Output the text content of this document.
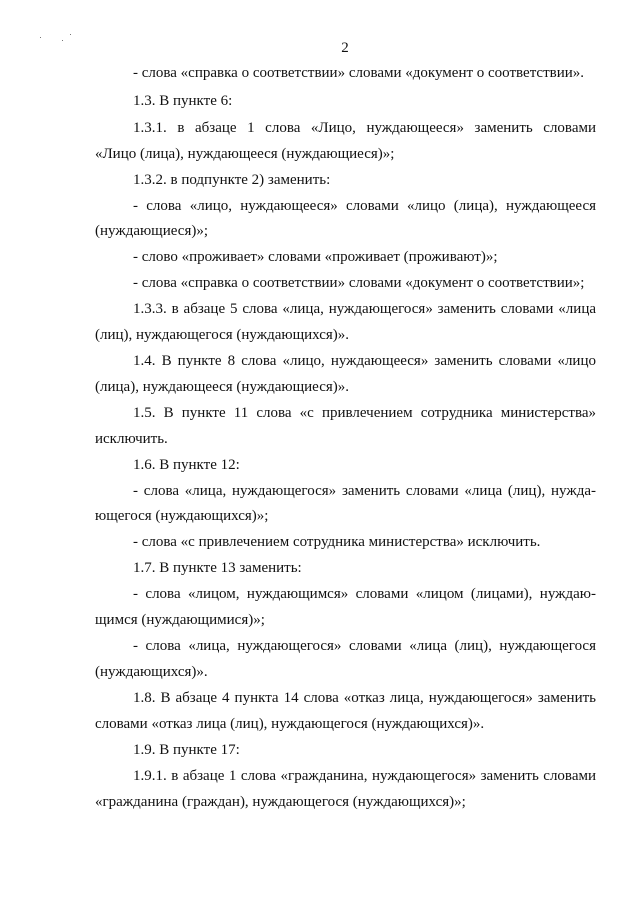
2
- слова «справка о соответствии» словами «документ о соответствии».
1.3. В пункте 6:
1.3.1. в абзаце 1 слова «Лицо, нуждающееся» заменить словами
«Лицо (лица), нуждающееся (нуждающиеся)»;
1.3.2. в подпункте 2) заменить:
- слова «лицо, нуждающееся» словами «лицо (лица), нуждающееся
(нуждающиеся)»;
- слово «проживает» словами «проживает (проживают)»;
- слова «справка о соответствии» словами «документ о соответствии»;
1.3.3. в абзаце 5 слова «лица, нуждающегося» заменить словами «лица
(лиц), нуждающегося (нуждающихся)».
1.4. В пункте 8 слова «лицо, нуждающееся» заменить словами «лицо
(лица), нуждающееся (нуждающиеся)».
1.5. В пункте 11 слова «с привлечением сотрудника министерства»
исключить.
1.6. В пункте 12:
- слова «лица, нуждающегося» заменить словами «лица (лиц), нужда-
ющегося (нуждающихся)»;
- слова «с привлечением сотрудника министерства» исключить.
1.7. В пункте 13 заменить:
- слова «лицом, нуждающимся» словами «лицом (лицами), нуждаю-
щимся (нуждающимися)»;
- слова «лица, нуждающегося» словами «лица (лиц), нуждающегося
(нуждающихся)».
1.8. В абзаце 4 пункта 14 слова «отказ лица, нуждающегося» заменить
словами «отказ лица (лиц), нуждающегося (нуждающихся)».
1.9. В пункте 17:
1.9.1. в абзаце 1 слова «гражданина, нуждающегося» заменить словами
«гражданина (граждан), нуждающегося (нуждающихся)»;
